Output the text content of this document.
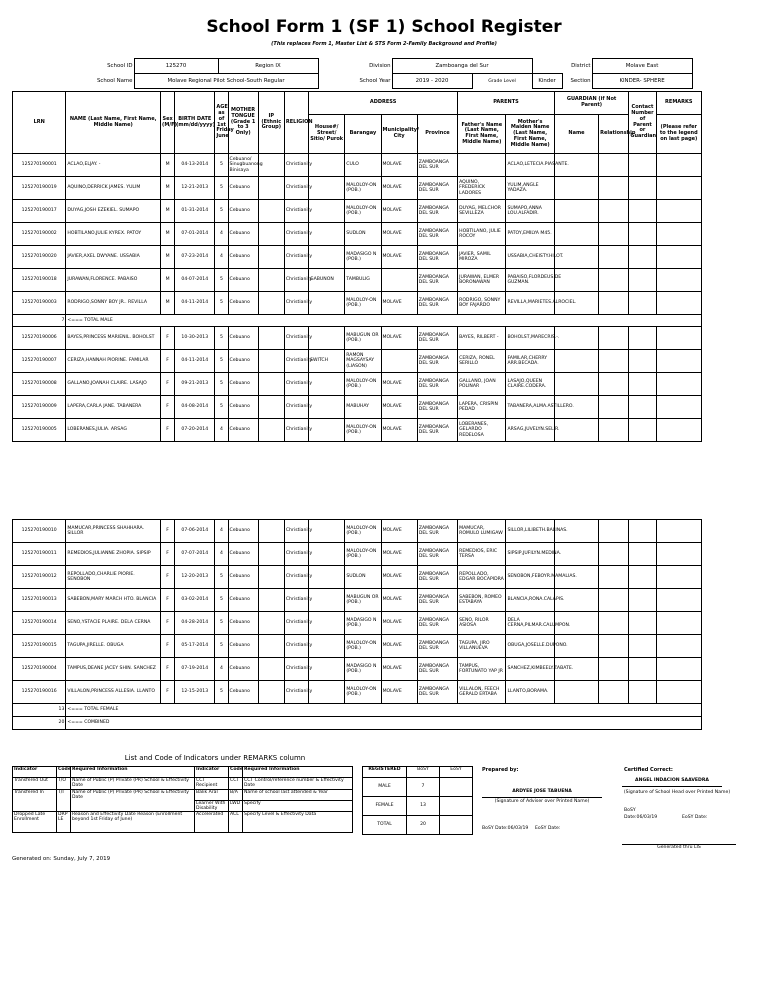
School Form 1 (SF 1) School Register
(This replaces Form 1, Master List & STS Form 2-Family Background and Profile)
School ID	125270	Region IX	Division	Zamboanga del Sur		District		Molave East
School Name	Molave Regional Pilot School-South Regular		School Year	2019 - 2020	Grade Level	Kinder	Section	KINDER- SPHERE
LRN	NAME (Last Name, First Name, Middle Name)	Sex (M/F)	BIRTH DATE (mm/dd/yyyy)	AGE as of 1st Friday June	MOTHER TONGUE (Grade 1 to 3 Only)	IP (Ethnic Group)	RELIGION	ADDRESS				PARENTS		GUARDIAN (if Not Parent)		Contact Number of Parent or Guardian	REMARKS
								House#/ Street/ Sitio/ Purok	Barangay	Municipality/ City	Province	Father's Name (Last Name, First Name, Middle Name)	Mother's Maiden Name (Last Name, First Name, Middle Name)	Name	Relationship		(Please refer to the legend on last page)
125270190001	ACLAO,ELJAY. -	M	04-13-2014	5	Cebuano/ Sinugbuanong Binisaya		Christianity		CULO	MOLAVE	ZAMBOANGA DEL SUR		ACLAO,LETECIA.PIASANTE.				
125270190019	AQUINO,DERRICK JAMES. YULIM	M	12-21-2013	5	Cebuano		Christianity		MALOLOY-ON (POB.)	MOLAVE	ZAMBOANGA DEL SUR	AQUINO, FREDERICK LADORES	YULIM,ANGLE YADAZA.				
125270190017	DUYAG,JOSH EZEKIEL. SUMAPO	M	01-31-2014	5	Cebuano		Christianity		MALOLOY-ON (POB.)	MOLAVE	ZAMBOANGA DEL SUR	DUYAG, MELCHOR SEVILLEZA	SUMAPO,ANNA LOU.ALFADIR.				
125270190002	HOBTILANO,JULIE KYREX. PATOY	M	07-01-2014	4	Cebuano		Christianity		SUDLON	MOLAVE	ZAMBOANGA DEL SUR	HOBTILANO, JULIE ROCOY	PATOY,EMILYA M45.				
125270190020	JAVIER,AXEL DWYANE. USSABIA	M	07-23-2014	4	Cebuano		Christianity		MADASIGO N (POB.)	MOLAVE	ZAMBOANGA DEL SUR	JAVIER, SAMIL MIROZA	USSABIA,CHEISTY.HILOT.				
125270190018	JURAWAN,FLORENCE. PABAISO	M	04-07-2014	5	Cebuano		Christianity	GABUNON	TAMBULIG		ZAMBOANGA DEL SUR	JURAWAN, ELMER BORONAWAN	PABAISO,FLORDEUS.DE GUZMAN.				
125270190003	RODRIGO,SONNY BOY JR.. REVILLA	M	04-11-2014	5	Cebuano		Christianity		MALOLOY-ON (POB.)	MOLAVE	ZAMBOANGA DEL SUR	RODRIGO, SONNY BOY FAJARDO	REVILLA,MARIETES.ALROCIEL.				
7	<=== TOTAL MALE																
125270190006	BAYES,PRINCESS MARIENIL. BOHOLST	F	10-30-2013	5	Cebuano		Christianity		MABUGUN OR (POB.)	MOLAVE	ZAMBOANGA DEL SUR	BAYES, RILBERT -	BOHOLST,MARECRIS.-.				
125270190007	CERIZA,HANNAH PIORINE. FAMILAR	F	04-11-2014	5	Cebuano		Christianity	SWITCH	RAMON MAGSAYSAY (LIASON)		ZAMBOANGA DEL SUR	CERIZA, RONEL SERILLO	FAMILAR,CHERRY ARR.BECADA.				
125270190008	GALLANO,JOANAH CLAIRE. LASAJO	F	09-21-2013	5	Cebuano		Christianity		MALOLOY-ON (POB.)	MOLAVE	ZAMBOANGA DEL SUR	GALLANO, JOAN POLINAR	LASAJO,QUEEN CLAIRE.CODERA.				
125270190009	LAPERA,CARLA JANE. TABANERA	F	04-08-2014	5	Cebuano		Christianity		MABUHAY	MOLAVE	ZAMBOANGA DEL SUR	LAPERA, CRISPIN PEDAD	TABANERA,ALMA.ASTILLERO.				
125270190005	LOBERANES,JULIA. ARSAG	F	07-20-2014	4	Cebuano		Christianity		MALOLOY-ON (POB.)	MOLAVE	ZAMBOANGA DEL SUR	LOBERANES, GELARDO REDELOSA	ARSAG,JUVELYN.SELIR.				
125270190010	MAMUCAR,PRINCESS SHAHHARA. SILLOR	F	07-06-2014	4	Cebuano		Christianity		MALOLOY-ON (POB.)	MOLAVE	ZAMBOANGA DEL SUR	MAMUCAR, ROMULO LUMIGAW	SILLOR,LILIBETH.BALINAS.				
125270190011	REMEDIOS,JULIANNE ZHOPIA. SIPSIP	F	07-07-2014	4	Cebuano		Christianity		MALOLOY-ON (POB.)	MOLAVE	ZAMBOANGA DEL SUR	REMEDIOS, ERIC TERSA	SIPSIP,JUFILYN.MEDINA.				
125270190012	REPOLLADO,CHARLIE PIORIE. SENOBON	F	12-20-2013	5	Cebuano		Christianity		SUDLON	MOLAVE	ZAMBOANGA DEL SUR	REPOLLADO, EDGAR BOCAPIDRA	SENOBON,FEBOYR.MAMALIAS.				
125270190013	SABEBON,MARY MARCH HTO. BLANCIA	F	03-02-2014	5	Cebuano		Christianity		MABUGUN OR (POB.)	MOLAVE	ZAMBOANGA DEL SUR	SABEBON, ROMEO ESTABAYA	BLANCIA,RONA.CALAPIS.				
125270190014	SENO,YSTACIE PLAIRE. DELA CERNA	F	04-28-2014	5	Cebuano		Christianity		MADASIGO N (POB.)	MOLAVE	ZAMBOANGA DEL SUR	SENO, RILOR ASIOSA	DELA CERNA,PILMAR.CALUMPON.				
125270190015	TAGUPA,JIRELLE. OBUGA	F	05-17-2014	5	Cebuano		Christianity		MALOLOY-ON (POB.)	MOLAVE	ZAMBOANGA DEL SUR	TAGUPA, JIRO VILLANUEVA	OBUGA,JOSELLE.DUPONO.				
125270190004	TAMPUS,DEANE JACEY SHIN. SANCHEZ	F	07-19-2014	4	Cebuano		Christianity		MADASIGO N (POB.)	MOLAVE	ZAMBOANGA DEL SUR	TAMPUS, FORTUNATO YAP JR	SANCHEZ,KIMBEELY.ZABATE.				
125270190016	VILLALON,PRINCESS ALLESIA. LLANTO	F	12-15-2013	5	Cebuano		Christianity		MALOLOY-ON (POB.)	MOLAVE	ZAMBOANGA DEL SUR	VILLALON, FEECH GERALD ERTABA	LLANTO,BORAMA.				
13	<=== TOTAL FEMALE																
20	<=== COMBINED																
List and Code of Indicators under REMARKS column
Indicator	Code	Required Information	Indicator	Code	Required Information
Transfered Out	T/O	Name of Public (P) Private (PR) School & Effectivity Date	CCT Recipient	CCT	CCT Control/reference number & Effectivity Date
Transfered In	T/I	Name of Public (P) Private (PR) School & Effectivity Date	Balik Aral	B/A	Name of school last attended & Year
			Learner With Disability	LWD	Specify
Dropped Late Enrollment	DRP LE	Reason and Effectivity Date Reason (Enrollment beyond 1st Friday of June)	Accelerated	ACL	Specify Level & Effectivity Data
REGISTERED	BoSY	EoSY
MALE	7	
FEMALE	13	
TOTAL	20	
Prepared by:
ARDYEE JOSE TABUENA
(Signature of Adviser over Printed Name)
BoSY Date:06/03/19 EoSY Date:
Certified Correct:
ANGEL INDACION SAAVEDRA
(Signature of School Head over Printed Name)
BoSY
Date:06/03/19	EoSY Date:
Generated thru LIS
Generated on: Sunday, July 7, 2019
